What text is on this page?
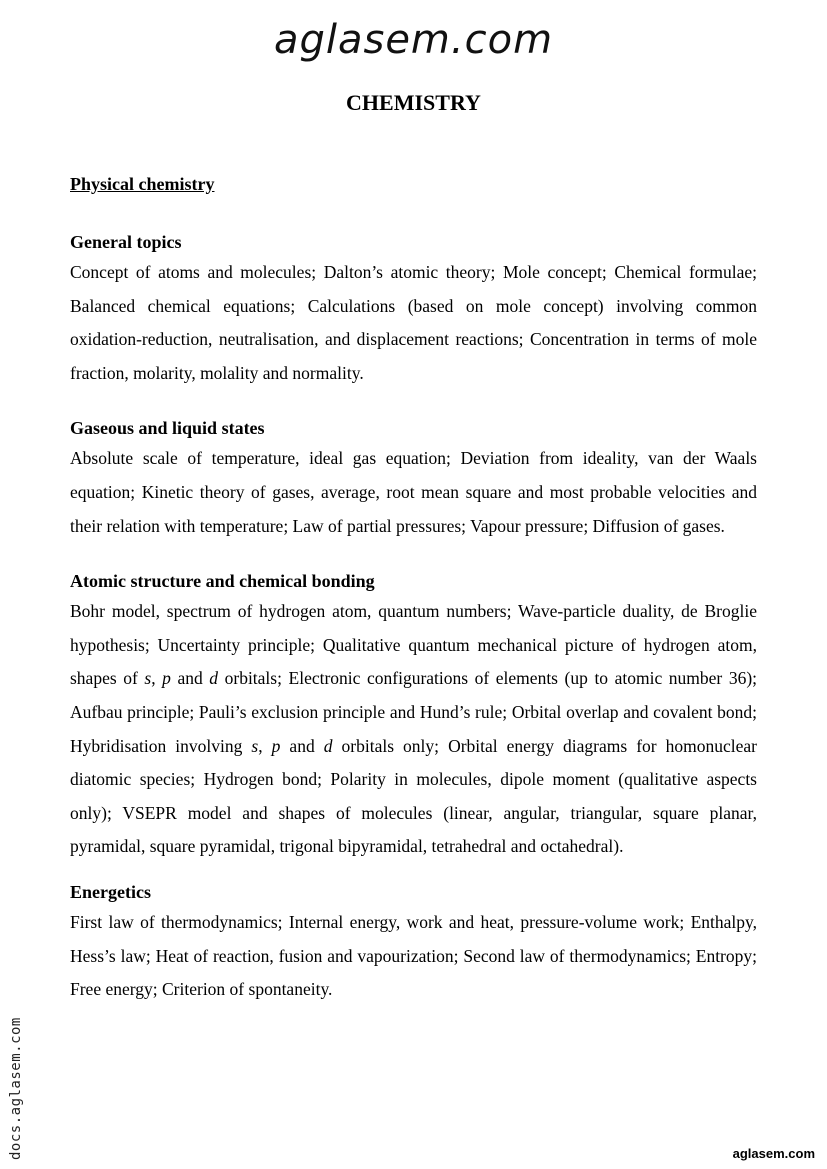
aglasem.com
CHEMISTRY

Physical chemistry

General topics

Concept of atoms and molecules; Dalton’s atomic theory; Mole concept; Chemical formulae; Balanced chemical equations; Calculations (based on mole concept) involving common oxidation-reduction, neutralisation, and displacement reactions; Concentration in terms of mole fraction, molarity, molality and normality.

Gaseous and liquid states

Absolute scale of temperature, ideal gas equation; Deviation from ideality, van der Waals equation; Kinetic theory of gases, average, root mean square and most probable velocities and their relation with temperature; Law of partial pressures; Vapour pressure; Diffusion of gases.

Atomic structure and chemical bonding

Bohr model, spectrum of hydrogen atom, quantum numbers; Wave-particle duality, de Broglie hypothesis; Uncertainty principle; Qualitative quantum mechanical picture of hydrogen atom, shapes of s, p and d orbitals; Electronic configurations of elements (up to atomic number 36); Aufbau principle; Pauli’s exclusion principle and Hund’s rule; Orbital overlap and covalent bond; Hybridisation involving s, p and d orbitals only; Orbital energy diagrams for homonuclear diatomic species; Hydrogen bond; Polarity in molecules, dipole moment (qualitative aspects only); VSEPR model and shapes of molecules (linear, angular, triangular, square planar, pyramidal, square pyramidal, trigonal bipyramidal, tetrahedral and octahedral).

Energetics

First law of thermodynamics; Internal energy, work and heat, pressure-volume work; Enthalpy, Hess’s law; Heat of reaction, fusion and vapourization; Second law of thermodynamics; Entropy; Free energy; Criterion of spontaneity.

docs.aglasem.com	aglasem.com
